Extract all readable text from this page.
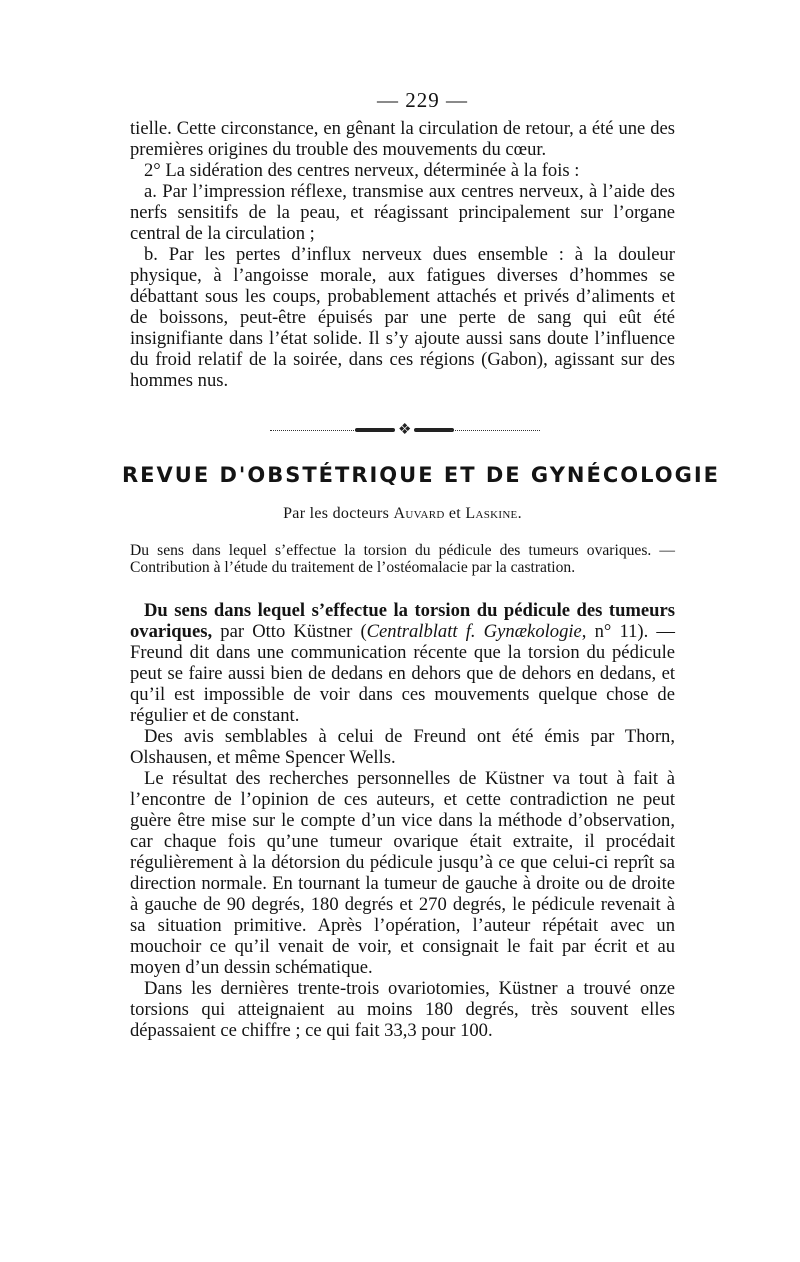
— 229 —

tielle. Cette circonstance, en gênant la circulation de retour, a été une des premières origines du trouble des mouvements du cœur.

2° La sidération des centres nerveux, déterminée à la fois :

a. Par l’impression réflexe, transmise aux centres nerveux, à l’aide des nerfs sensitifs de la peau, et réagissant principalement sur l’organe central de la circulation ;

b. Par les pertes d’influx nerveux dues ensemble : à la douleur physique, à l’angoisse morale, aux fatigues diverses d’hommes se débattant sous les coups, probablement attachés et privés d’aliments et de boissons, peut-être épuisés par une perte de sang qui eût été insignifiante dans l’état solide. Il s’y ajoute aussi sans doute l’influence du froid relatif de la soirée, dans ces régions (Gabon), agissant sur des hommes nus.

❖
REVUE D'OBSTÉTRIQUE ET DE GYNÉCOLOGIE
Par les docteurs Auvard et Laskine.

Du sens dans lequel s’effectue la torsion du pédicule des tumeurs ovariques. — Contribution à l’étude du traitement de l’ostéomalacie par la castration.

Du sens dans lequel s’effectue la torsion du pédicule des tumeurs ovariques, par Otto Küstner (Centralblatt f. Gynækologie, n° 11). — Freund dit dans une communication récente que la torsion du pédicule peut se faire aussi bien de dedans en dehors que de dehors en dedans, et qu’il est impossible de voir dans ces mouvements quelque chose de régulier et de constant.

Des avis semblables à celui de Freund ont été émis par Thorn, Olshausen, et même Spencer Wells.

Le résultat des recherches personnelles de Küstner va tout à fait à l’encontre de l’opinion de ces auteurs, et cette contradiction ne peut guère être mise sur le compte d’un vice dans la méthode d’observation, car chaque fois qu’une tumeur ovarique était extraite, il procédait régulièrement à la détorsion du pédicule jusqu’à ce que celui-ci reprît sa direction normale. En tournant la tumeur de gauche à droite ou de droite à gauche de 90 degrés, 180 degrés et 270 degrés, le pédicule revenait à sa situation primitive. Après l’opération, l’auteur répétait avec un mouchoir ce qu’il venait de voir, et consignait le fait par écrit et au moyen d’un dessin schématique.

Dans les dernières trente-trois ovariotomies, Küstner a trouvé onze torsions qui atteignaient au moins 180 degrés, très souvent elles dépassaient ce chiffre ; ce qui fait 33,3 pour 100.
